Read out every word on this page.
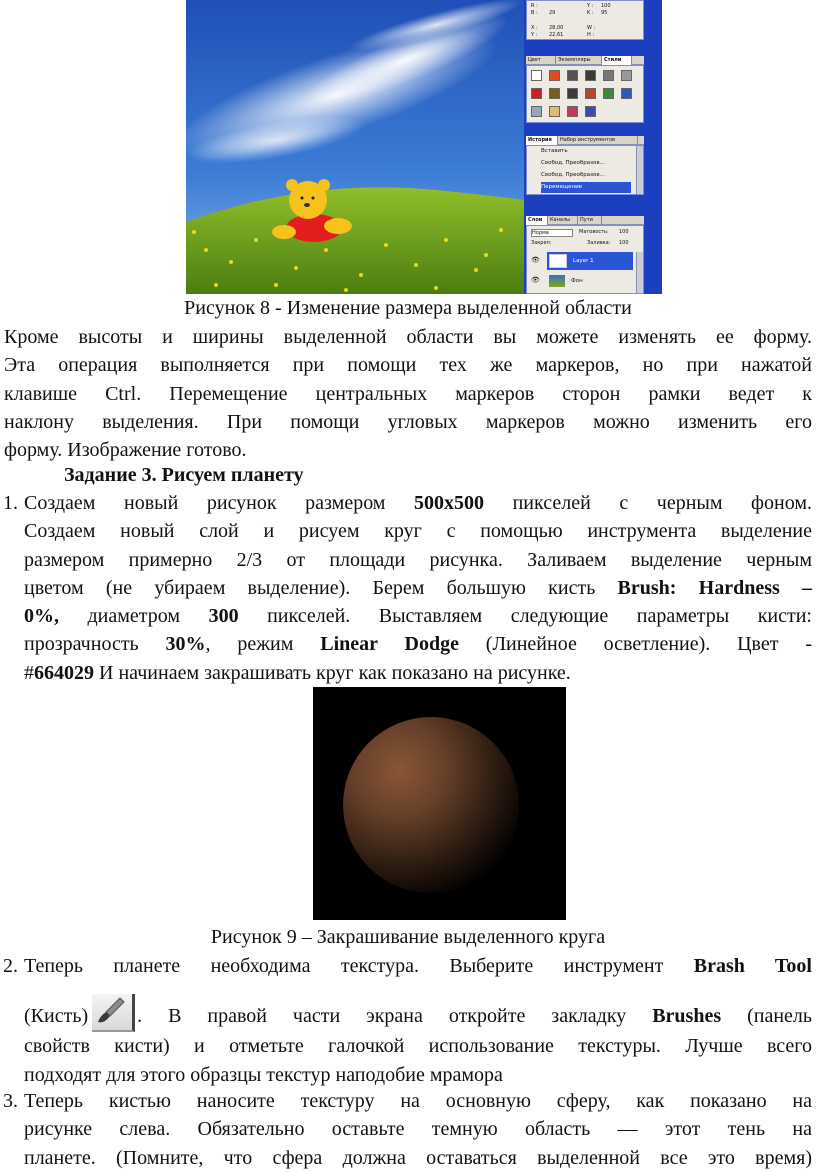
R :
B : 29
Y : 100
K : 95
X : 28,00
Y : 22,61
W :
H :
Цвет	Экземпляры	Стили
История	Набор инструментов
Вставить
Свобод. Преобразов...
Свобод. Преобразов...
Перемещение
Слои	Каналы	Пути
Норма	Матовость: 100
Закреп:	Заливка: 100
Layer 1
Фон
👁
👁
Рисунок 8 - Изменение размера выделенной области
Кроме высоты и ширины выделенной области вы можете изменять ее форму.
Эта операция выполняется при помощи тех же маркеров, но при нажатой
клавише Ctrl. Перемещение центральных маркеров сторон рамки ведет к
наклону выделения. При помощи угловых маркеров можно изменить его
форму. Изображение готово.
Задание 3. Рисуем планету
1. Создаем новый рисунок размером 500x500 пикселей с черным фоном.
Создаем новый слой и рисуем круг с помощью инструмента выделение
размером примерно 2/3 от площади рисунка. Заливаем выделение черным
цветом (не убираем выделение). Берем большую кисть Brush: Hardness –
0%, диаметром 300 пикселей. Выставляем следующие параметры кисти:
прозрачность 30%, режим Linear Dodge (Линейное осветление). Цвет -
#664029 И начинаем закрашивать круг как показано на рисунке.
Рисунок 9 – Закрашивание выделенного круга
2. Теперь планете необходима текстура. Выберите инструмент Brash Tool
(Кисть) . В правой части экрана откройте закладку Brushes (панель
свойств кисти) и отметьте галочкой использование текстуры. Лучше всего
подходят для этого образцы текстур наподобие мрамора
3. Теперь кистью наносите текстуру на основную сферу, как показано на
рисунке слева. Обязательно оставьте темную область — этот тень на
планете. (Помните, что сфера должна оставаться выделенной все это время)
